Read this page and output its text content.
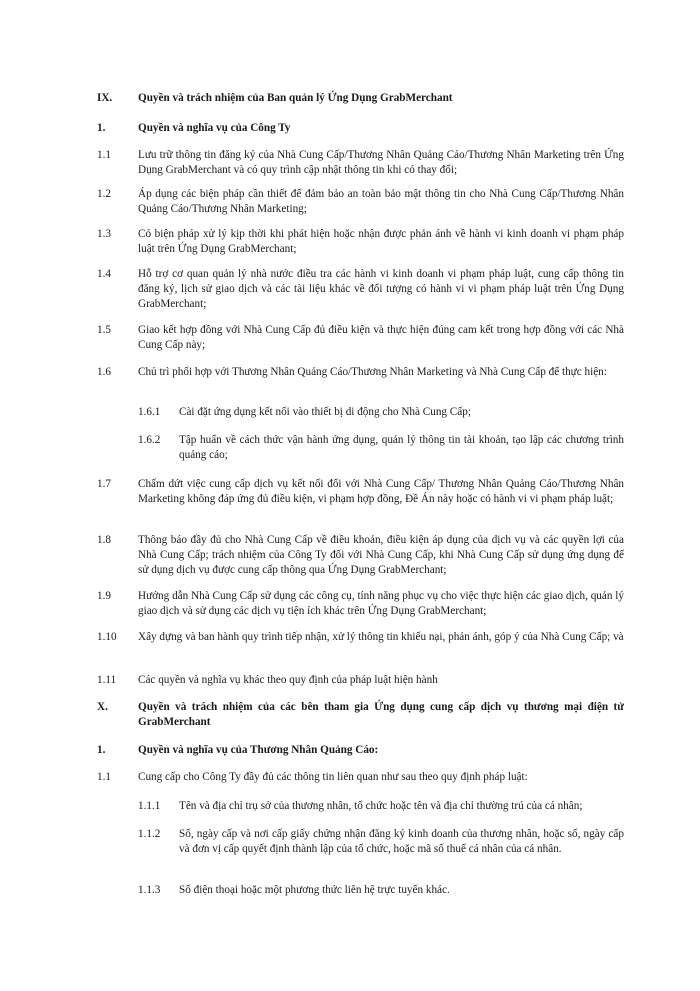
IX. Quyền và trách nhiệm của Ban quản lý Ứng Dụng GrabMerchant
1.	Quyền và nghĩa vụ của Công Ty
1.1 Lưu trữ thông tin đăng ký của Nhà Cung Cấp/Thương Nhân Quảng Cáo/Thương Nhân Marketing trên Ứng Dụng GrabMerchant và có quy trình cập nhật thông tin khi có thay đổi;
1.2 Áp dụng các biện pháp cần thiết để đảm bảo an toàn bảo mật thông tin cho Nhà Cung Cấp/Thương Nhân Quảng Cáo/Thương Nhân Marketing;
1.3 Có biện pháp xử lý kịp thời khi phát hiện hoặc nhận được phản ánh về hành vi kinh doanh vi phạm pháp luật trên Ứng Dụng GrabMerchant;
1.4 Hỗ trợ cơ quan quản lý nhà nước điều tra các hành vi kinh doanh vi phạm pháp luật, cung cấp thông tin đăng ký, lịch sử giao dịch và các tài liệu khác về đối tượng có hành vi vi phạm pháp luật trên Ứng Dụng GrabMerchant;
1.5 Giao kết hợp đồng với Nhà Cung Cấp đủ điều kiện và thực hiện đúng cam kết trong hợp đồng với các Nhà Cung Cấp này;
1.6 Chủ trì phối hợp với Thương Nhân Quảng Cáo/Thương Nhân Marketing và Nhà Cung Cấp để thực hiện:
1.6.1 Cài đặt ứng dụng kết nối vào thiết bị di động cho Nhà Cung Cấp;
1.6.2 Tập huấn về cách thức vận hành ứng dụng, quản lý thông tin tài khoản, tạo lập các chương trình quảng cáo;
1.7 Chấm dứt việc cung cấp dịch vụ kết nối đối với Nhà Cung Cấp/ Thương Nhân Quảng Cáo/Thương Nhân Marketing không đáp ứng đủ điều kiện, vi phạm hợp đồng, Đề Án này hoặc có hành vi vi phạm pháp luật;
1.8 Thông báo đầy đủ cho Nhà Cung Cấp về điều khoản, điều kiện áp dụng của dịch vụ và các quyền lợi của Nhà Cung Cấp; trách nhiệm của Công Ty đối với Nhà Cung Cấp, khi Nhà Cung Cấp sử dụng ứng dụng để sử dụng dịch vụ được cung cấp thông qua Ứng Dụng GrabMerchant;
1.9 Hướng dẫn Nhà Cung Cấp sử dụng các công cụ, tính năng phục vụ cho việc thực hiện các giao dịch, quản lý giao dịch và sử dụng các dịch vụ tiện ích khác trên Ứng Dụng GrabMerchant;
1.10 Xây dựng và ban hành quy trình tiếp nhận, xử lý thông tin khiếu nại, phản ánh, góp ý của Nhà Cung Cấp; và
1.11 Các quyền và nghĩa vụ khác theo quy định của pháp luật hiện hành
X.	Quyền và trách nhiệm của các bên tham gia Ứng dụng cung cấp dịch vụ thương mại điện tử GrabMerchant
1.	Quyền và nghĩa vụ của Thương Nhân Quảng Cáo:
1.1 Cung cấp cho Công Ty đầy đủ các thông tin liên quan như sau theo quy định pháp luật:
1.1.1 Tên và địa chỉ trụ sở của thương nhân, tổ chức hoặc tên và địa chỉ thường trú của cá nhân;
1.1.2 Số, ngày cấp và nơi cấp giấy chứng nhận đăng ký kinh doanh của thương nhân, hoặc số, ngày cấp và đơn vị cấp quyết định thành lập của tổ chức, hoặc mã số thuế cá nhân của cá nhân.
1.1.3 Số điện thoại hoặc một phương thức liên hệ trực tuyến khác.
